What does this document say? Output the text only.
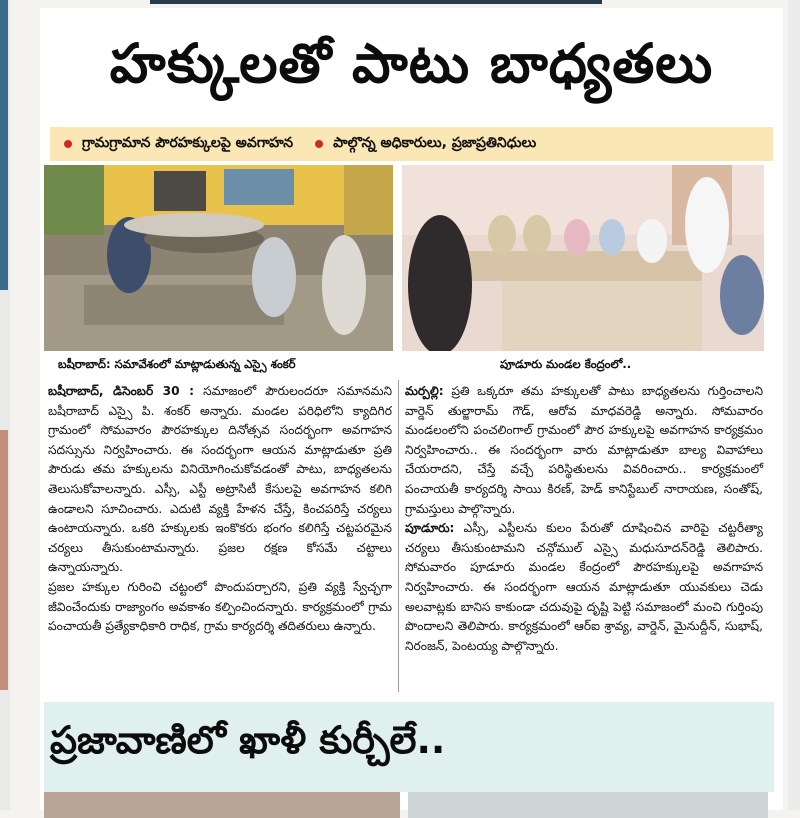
హక్కులతో పాటు బాధ్యతలు
గ్రామగ్రామాన పౌరహక్కులపై అవగాహన	పాల్గొన్న అధికారులు, ప్రజాప్రతినిధులు
బషీరాబాద్‌: సమావేశంలో మాట్లాడుతున్న ఎస్సై శంకర్‌	పూడూరు మండల కేంద్రంలో..

బషీరాబాద్‌, డిసెంబర్‌ 30 : సమాజంలో పౌరులందరూ సమానమని బషీరాబాద్‌ ఎస్సై పి. శంకర్‌ అన్నారు. మండల పరిధిలోని క్యాదిగిర గ్రామంలో సోమవారం పౌరహక్కుల దినోత్సవ సందర్భంగా అవగాహన సదస్సును నిర్వహించారు. ఈ సందర్భంగా ఆయన మాట్లాడుతూ ప్రతి పౌరుడు తమ హక్కులను వినియోగించుకోవడంతో పాటు, బాధ్యతలను తెలుసుకోవాలన్నారు. ఎస్సీ, ఎస్టీ అట్రాసిటీ కేసులపై అవగాహన కలిగి ఉండాలని సూచించారు. ఎదుటి వ్యక్తి హేళన చేస్తే, కించపరిస్తే చర్యలు ఉంటాయన్నారు. ఒకరి హక్కులకు ఇంకొకరు భంగం కలిగిస్తే చట్టపరమైన చర్యలు తీసుకుంటామన్నారు. ప్రజల రక్షణ కోసమే చట్టాలు ఉన్నాయన్నారు.

ప్రజల హక్కుల గురించి చట్టంలో పొందుపర్చారని, ప్రతి వ్యక్తి స్వేచ్ఛగా జీవించేందుకు రాజ్యాంగం అవకాశం కల్పించిందన్నారు. కార్యక్రమంలో గ్రామ పంచాయతీ ప్రత్యేకాధికారి రాధిక, గ్రామ కార్యదర్శి తదితరులు ఉన్నారు.

మర్పల్లి: ప్రతి ఒక్కరూ తమ హక్కులతో పాటు బాధ్యతలను గుర్తించాలని వార్డెన్‌ తుల్జారామ్‌ గౌడ్‌, ఆరోవ మాధవరెడ్డి అన్నారు. సోమవారం మండలంలోని పంచలింగాల్‌ గ్రామంలో పౌర హక్కులపై అవగాహన కార్యక్రమం నిర్వహించారు.. ఈ సందర్భంగా వారు మాట్లాడుతూ బాల్య వివాహాలు చేయరాదని, చేస్తే వచ్చే పరిస్థితులను వివరించారు.. కార్యక్రమంలో పంచాయతీ కార్యదర్శి సాయి కిరణ్‌, హెడ్‌ కానిస్టేబుల్‌ నారాయణ, సంతోష్‌, గ్రామస్తులు పాల్గొన్నారు.

పూడూరు: ఎస్సీ, ఎస్టీలను కులం పేరుతో దూషించిన వారిపై చట్టరీత్యా చర్యలు తీసుకుంటామని చన్గోముల్‌ ఎస్సై మధుసూదన్‌రెడ్డి తెలిపారు. సోమవారం పూడూరు మండల కేంద్రంలో పౌరహక్కులపై అవగాహన నిర్వహించారు. ఈ సందర్భంగా ఆయన మాట్లాడుతూ యువకులు చెడు అలవాట్లకు బానిస కాకుండా చదువుపై దృష్టి పెట్టి సమాజంలో మంచి గుర్తింపు పొందాలని తెలిపారు. కార్యక్రమంలో ఆర్‌ఐ శ్రావ్య, వార్డెన్‌, మైనుద్దీన్‌, సుభాష్‌, నిరంజన్‌, పెంటయ్య పాల్గొన్నారు.

ప్రజావాణిలో ఖాళీ కుర్చీలే..
